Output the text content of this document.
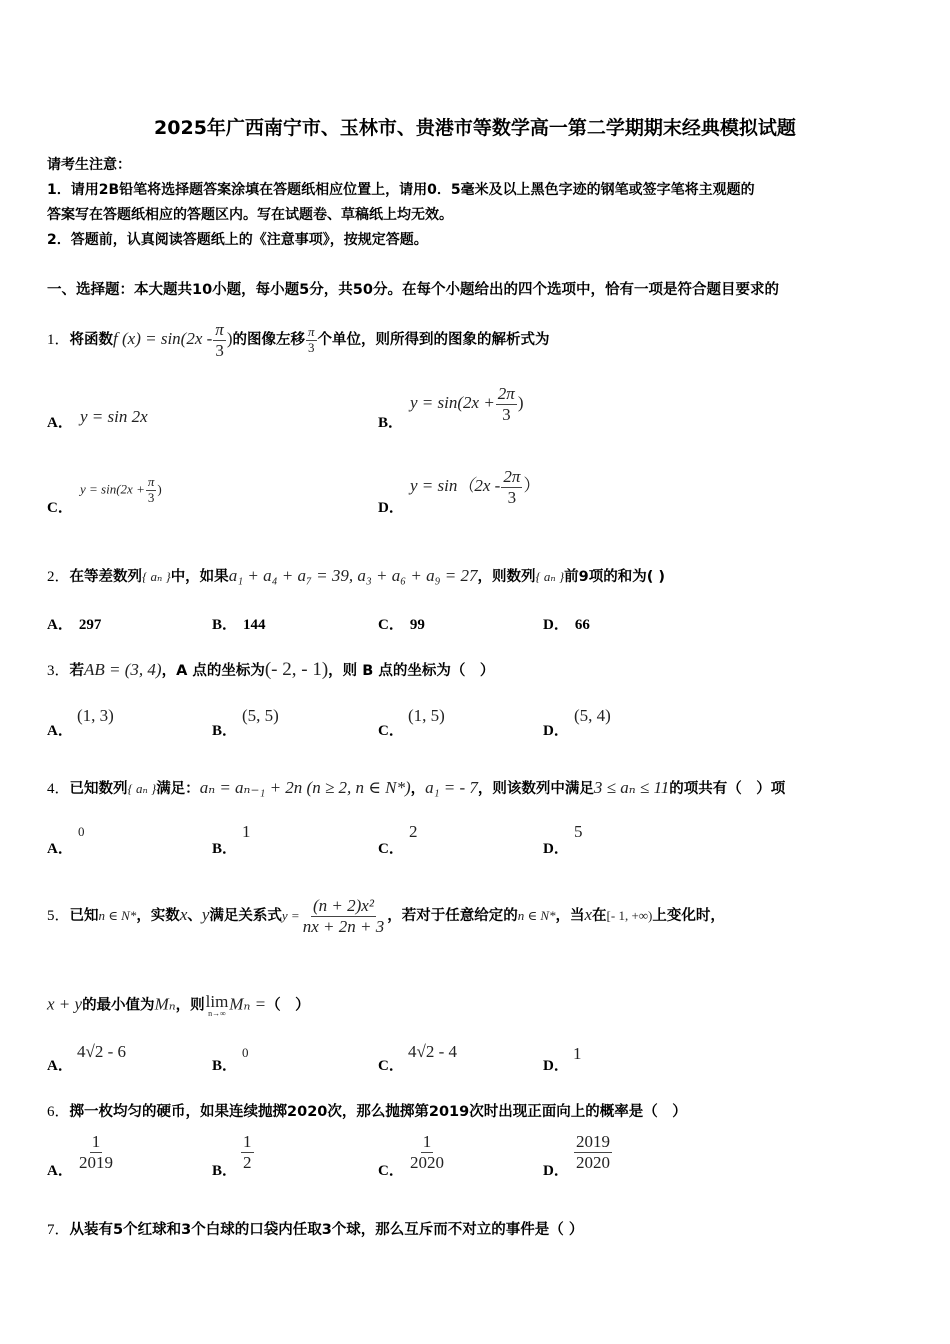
2025年广西南宁市、玉林市、贵港市等数学高一第二学期期末经典模拟试题
请考生注意：
1．请用2B铅笔将选择题答案涂填在答题纸相应位置上，请用0．5毫米及以上黑色字迹的钢笔或签字笔将主观题的
答案写在答题纸相应的答题区内。写在试题卷、草稿纸上均无效。
2．答题前，认真阅读答题纸上的《注意事项》，按规定答题。
一、选择题：本大题共10小题，每小题5分，共50分。在每个小题给出的四个选项中，恰有一项是符合题目要求的
1．将函数f $(x) = \sin(2x - \frac{\pi}{3}$ )的图像左移 $\frac{\pi}{3}$ 个单位，则所得到的图象的解析式为
A． y = sin 2x	B．
$y = \sin(2x + \frac{2\pi}{3}$ )
C．
$y = \sin(2x + \frac{\pi}{3}$ )
D．
$y = \sin(2x - \frac{2\pi}{3}$ ）
2．在等差数列{ aₙ }中，如果a₁ + a₄ + a₇ = 39, a₃ + a₆ + a₉ = 27，则数列{ aₙ }前9项的和为( )
A． 297	B． 144	C． 99	D． 66
3．若AB = (3, 4)，A 点的坐标为(- 2, - 1)，则 B 点的坐标为（　）
A．
(1, 3)
B．
(5, 5)
C．
(1, 5)
D．
(5, 4)
4．已知数列{ aₙ }满足：aₙ = aₙ₋₁ + 2n (n ≥ 2, n ∈ N*)，a₁ = - 7，则该数列中满足3 ≤ aₙ ≤ 11的项共有（　）项
A．
0
B．
1
C．
2
D．
5
5．已知n ∈ N*，实数x、y满足关系式$y = \frac{\text{(n + 2)x²}}{nx + 2n + 3}$ ，若对于任意给定的n ∈ N*，当x在[- 1, +∞)上变化时，
x + y的最小值为Mₙ，则 lim
n→∞ Mₙ =（　）
A．
4√2 - 6
B．
0
C．
4√2 - 4
D．
1
6．掷一枚均匀的硬币，如果连续抛掷2020次，那么抛掷第2019次时出现正面向上的概率是（　）
A． $\frac{1}{2019}$	B． $\frac{1}{2}$	C． $\frac{1}{2020}$	D． $\frac{2019}{2020}$
7．从装有5个红球和3个白球的口袋内任取3个球，那么互斥而不对立的事件是（ ）
